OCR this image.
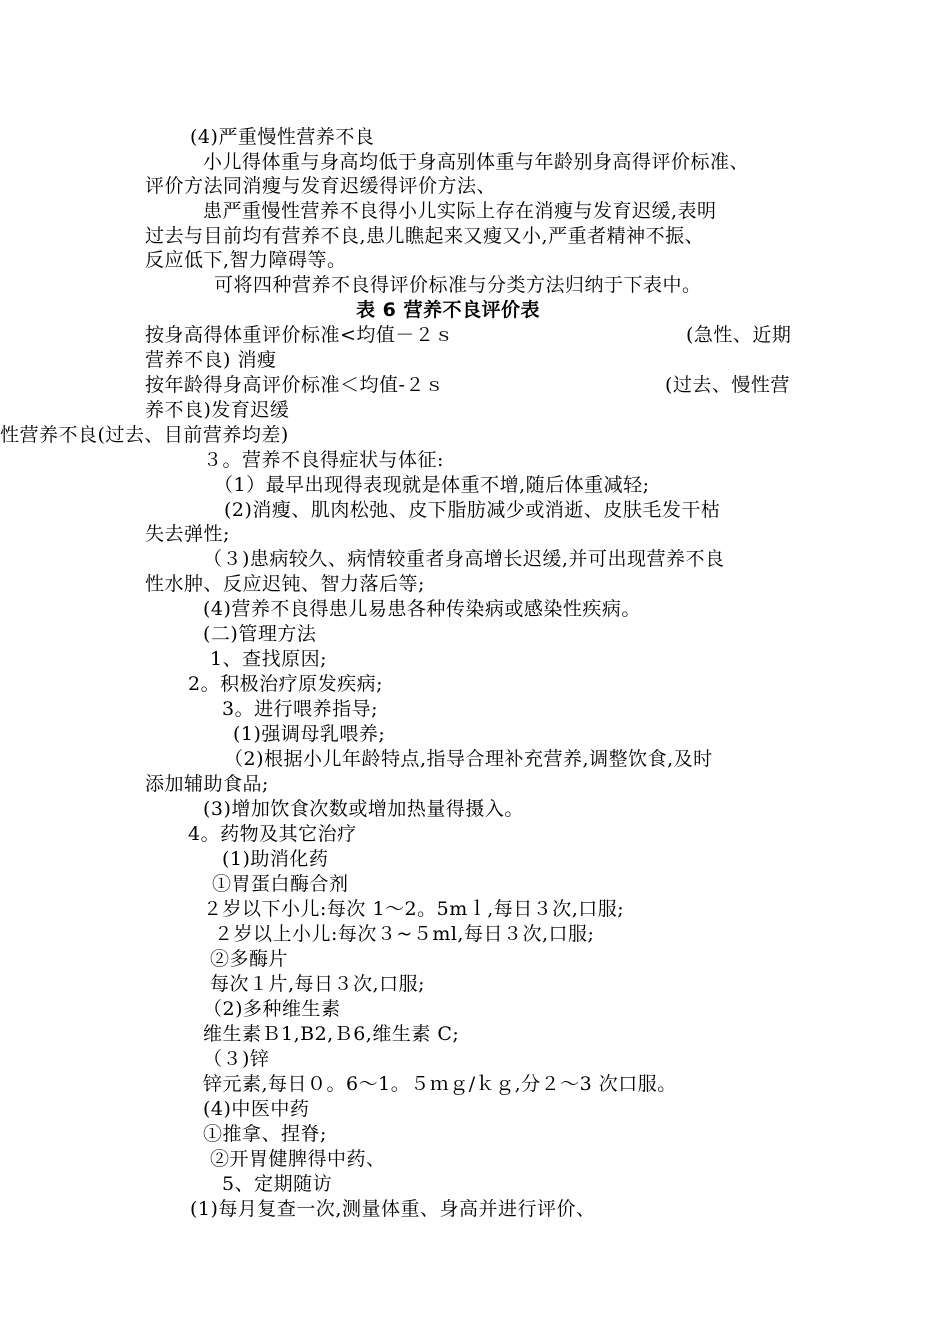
(4)严重慢性营养不良
小儿得体重与身高均低于身高别体重与年龄别身高得评价标准、
评价方法同消瘦与发育迟缓得评价方法、
患严重慢性营养不良得小儿实际上存在消瘦与发育迟缓,表明
过去与目前均有营养不良,患儿瞧起来又瘦又小,严重者精神不振、
反应低下,智力障碍等。
可将四种营养不良得评价标准与分类方法归纳于下表中。
表 6 营养不良评价表
按身高得体重评价标准<均值－２ｓ	(急性、近期
营养不良) 消瘦
按年龄得身高评价标准＜均值-２ｓ	(过去、慢性营
养不良)发育迟缓
性营养不良(过去、目前营养均差)
３。营养不良得症状与体征:
（1）最早出现得表现就是体重不增,随后体重减轻;
(2)消瘦、肌肉松弛、皮下脂肪减少或消逝、皮肤毛发干枯
失去弹性;
（３)患病较久、病情较重者身高增长迟缓,并可出现营养不良
性水肿、反应迟钝、智力落后等;
(4)营养不良得患儿易患各种传染病或感染性疾病。
(二)管理方法
1、查找原因;
2。积极治疗原发疾病;
3。进行喂养指导;
(1)强调母乳喂养;
（2)根据小儿年龄特点,指导合理补充营养,调整饮食,及时
添加辅助食品;
(3)增加饮食次数或增加热量得摄入。
4。药物及其它治疗
(1)助消化药
①胃蛋白酶合剂
２岁以下小儿:每次 1～2。5mｌ,每日３次,口服;
２岁以上小儿:每次３~５ml,每日３次,口服;
②多酶片
每次１片,每日３次,口服;
（2)多种维生素
维生素Ｂ1,B2,Ｂ6,维生素 C;
（３)锌
锌元素,每日０。6～1。５ｍｇ/ｋｇ,分２～3 次口服。
(4)中医中药
①推拿、捏脊;
②开胃健脾得中药、
5、定期随访
(1)每月复查一次,测量体重、身高并进行评价、
